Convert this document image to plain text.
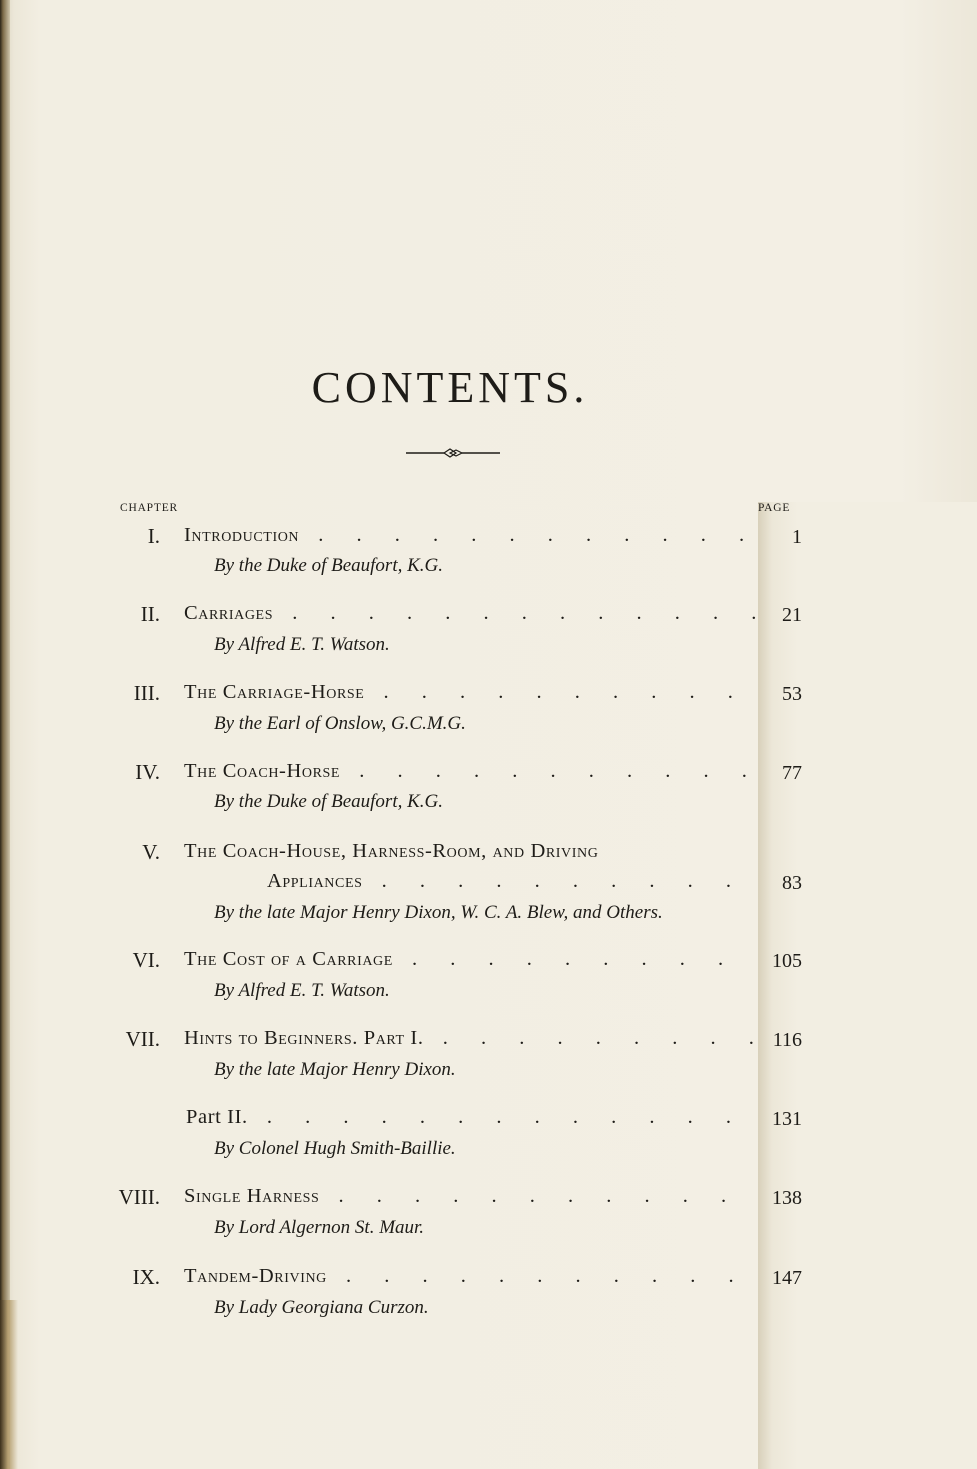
CONTENTS.
CHAPTER	PAGE
I. Introduction . . .	1
By the Duke of Beaufort, K.G.
II. Carriages . . .	21
By Alfred E. T. Watson.
III. The Carriage-Horse . . .	53
By the Earl of Onslow, G.C.M.G.
IV. The Coach-Horse . . .	77
By the Duke of Beaufort, K.G.
V. The Coach-House, Harness-Room, and Driving
Appliances . . .	83
By the late Major Henry Dixon, W. C. A. Blew, and Others.
VI. The Cost of a Carriage . . .	105
By Alfred E. T. Watson.
VII. Hints to Beginners. Part I. . . .	116
By the late Major Henry Dixon.
Part II. . . .	131
By Colonel Hugh Smith-Baillie.
VIII. Single Harness . . .	138
By Lord Algernon St. Maur.
IX. Tandem-Driving . . .	147
By Lady Georgiana Curzon.
